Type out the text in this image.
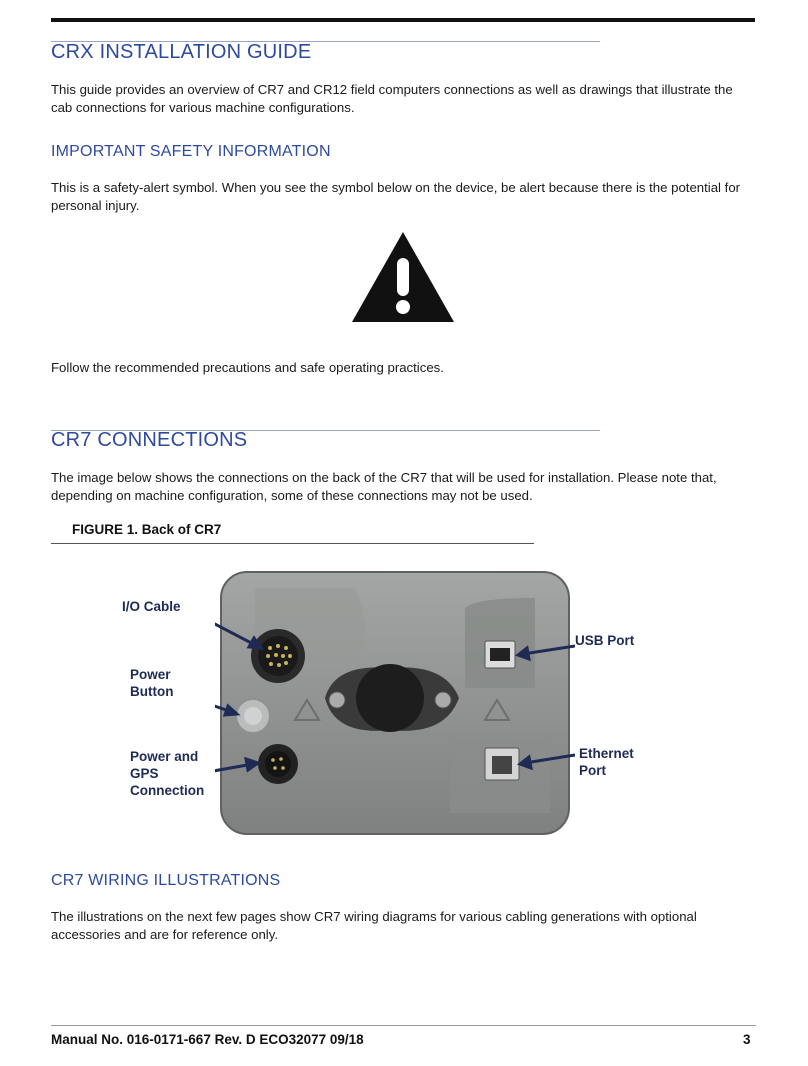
CRX INSTALLATION GUIDE

This guide provides an overview of CR7 and CR12 field computers connections as well as drawings that illustrate the cab connections for various machine configurations.

IMPORTANT SAFETY INFORMATION

This is a safety-alert symbol. When you see the symbol below on the device, be alert because there is the potential for personal injury.

Follow the recommended precautions and safe operating practices.

CR7 CONNECTIONS

The image below shows the connections on the back of the CR7 that will be used for installation. Please note that, depending on machine configuration, some of these connections may not be used.

FIGURE 1. Back of CR7
I/O Cable
Power
Button
Power and
GPS
Connection
USB Port
Ethernet
Port
CR7 WIRING ILLUSTRATIONS

The illustrations on the next few pages show CR7 wiring diagrams for various cabling generations with optional accessories and are for reference only.

Manual No. 016-0171-667 Rev. D ECO32077 09/18	3
